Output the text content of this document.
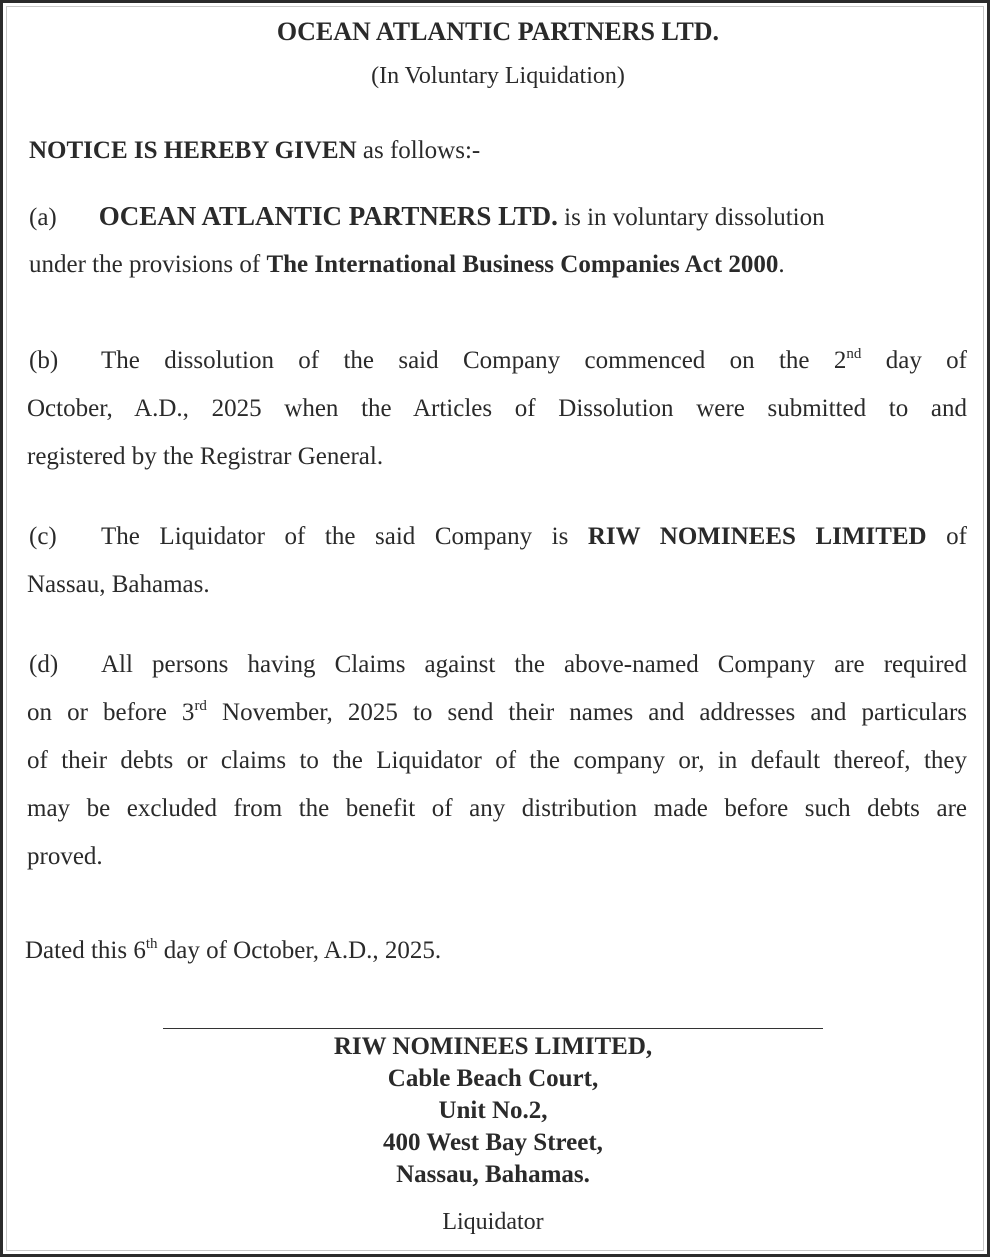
OCEAN ATLANTIC PARTNERS LTD.
(In Voluntary Liquidation)
NOTICE IS HEREBY GIVEN as follows:-
(a) OCEAN ATLANTIC PARTNERS LTD. is in voluntary dissolution
under the provisions of The International Business Companies Act 2000.
(b) The dissolution of the said Company commenced on the 2nd day of
October, A.D., 2025 when the Articles of Dissolution were submitted to and
registered by the Registrar General.
(c) The Liquidator of the said Company is RIW NOMINEES LIMITED of
Nassau, Bahamas.
(d) All persons having Claims against the above-named Company are required
on or before 3rd November, 2025 to send their names and addresses and particulars
of their debts or claims to the Liquidator of the company or, in default thereof, they
may be excluded from the benefit of any distribution made before such debts are
proved.
Dated this 6th day of October, A.D., 2025.
RIW NOMINEES LIMITED,
Cable Beach Court,
Unit No.2,
400 West Bay Street,
Nassau, Bahamas.
Liquidator
